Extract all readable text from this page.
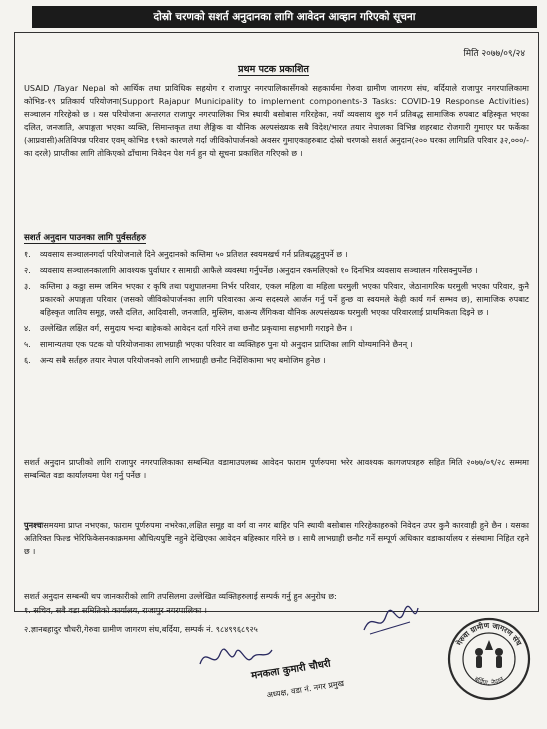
दोस्रो चरणको सशर्त अनुदानका लागि आवेदन आव्हान गरिएको सूचना
मिति २०७७/०९/२४
प्रथम पटक प्रकाशित
USAID /Tayar Nepal को आर्थिक तथा प्राविधिक सहयोग र राजापुर नगरपालिकासँगको सहकार्यमा गेरुवा ग्रामीण जागरण संघ, बर्दियाले राजापुर नगरपालिकामा कोभिड-१९ प्रतिकार्य परियोजना(Support Rajapur Municipality to implement components-3 Tasks: COVID-19 Response Activities) सञ्चालन गरिरहेको छ । यस परियोजना अन्तरगत राजापुर नगरपालिका भित्र स्थायी बसोबास गरिरहेका, नयाँ व्यवसाय शुरु गर्न प्रतिबद्ध सामाजिक रुपबाट बहिस्कृत भएका दलित, जनजाति, अपाङ्गता भएका व्यक्ति, सिमान्तकृत तथा लैङ्गिक वा यौनिक अल्पसंख्यक सबै विदेश/भारत तयार नेपालका विभिन्न शहरबाट रोजगारी गुमाएर घर फर्केका (आप्रवासी)अतिविपन्न परिवार एवम् कोभिड १९को कारणले गर्दा जीविकोपार्जनको अवसर गुमाएकाहरुबाट दोस्रो चरणको सशर्त अनुदान(२०० घरका लागिप्रति परिवार ३२,०००/-का दरले) प्राप्तीका लागि तोकिएको ढाँचामा निवेदन पेश गर्न हुन यो सूचना प्रकाशित गरिएको छ ।
सशर्त अनुदान पाउनका लागि पुर्वसर्तहरु
१.	व्यवसाय सञ्चालनगर्दा परियोजनाले दिने अनुदानको कम्तिमा ५० प्रतिशत स्वयमखर्च गर्न प्रतिबद्धहुनुपर्ने छ ।
२.	व्यवसाय सञ्चालनकालागि आवश्यक पुर्वाधार र सामाग्री आफैले व्यवस्था गर्नुपर्नेछ ।अनुदान रकमलिएको १० दिनभित्र व्यवसाय सञ्चालन गरिसक्नुपर्नेछ ।
३.	कम्तिमा ३ कठ्ठा सम्म जमिन भएका र कृषि तथा पशुपालनमा निर्भर परिवार, एकल महिला वा महिला घरमुली भएका परिवार, जेठानागरिक घरमुली भएका परिवार, कुनै प्रकारको अपाङ्गता परिवार (जसको जीविकोपार्जनका लागि परिवारका अन्य सदस्यले आर्जन गर्नु पर्ने हुन्छ वा स्वयमले केही कार्य गर्न सम्भव छ), सामाजिक रुपबाट बहिस्कृत जातिय समूह, जस्तै दलित, आदिवासी, जनजाति, मुस्लिम, वाअन्य लैंगिकवा यौनिक अल्पसंख्यक घरमुली भएका परिवारलाई प्राथमिकता दिइने छ ।
४.	उल्लेखित लक्षित वर्ग, समुदाय भन्दा बाहेकको आवेदन दर्ता गरिने तथा छनौट प्रकृयामा सहभागी गराइने छैन ।
५.	सामान्यतया एक पटक यो परियोजनाका लाभग्राही भएका परिवार वा व्यक्तिहरु पुनः यो अनुदान प्राप्तिका लागि योग्यमानिने छैनन् ।
६.	अन्य सबै सर्तहरु तयार नेपाल परियोजनको लागि लाभग्राही छनौट निर्देशिकामा भए बमोजिम हुनेछ ।
सशर्त अनुदान प्राप्तीको लागि राजापुर नगरपालिकाका सम्बन्धित वडामाउपलब्ध आवेदन फाराम पूर्णरुपमा भरेर आवश्यक कागजपत्रहरु सहित मिति २०७७/०९/२८ सम्ममा सम्बन्धित वडा कार्यालयमा पेश गर्नु पर्नेछ ।
पुनश्चःसमयमा प्राप्त नभएका, फाराम पूर्णरुपमा नभरेका,लक्षित समूह वा वर्ग वा नगर बाहिर पनि स्थायी बसोबास गरिरहेकाहरुको निवेदन उपर कुनै कारवाही हुने छैन । यसका अतिरिक्त फिल्ड भेरिफिकेसनकाक्रममा औचित्यपुष्टि नहुने देखिएका आवेदन बहिस्कार गरिने छ । साथै लाभग्राही छनौट गर्ने सम्पूर्ण अधिकार वडाकार्यालय र संस्थामा निहित रहने छ ।
सशर्त अनुदान सम्बन्धी थप जानकारीको लागि तपसिलमा उल्लेखित व्यक्तिहरुलाई सम्पर्क गर्नु हुन अनुरोध छ:
१. सचिव, सबै वडा समितिको कार्यालय, राजापुर नगरपालिका ।
२.ज्ञानबहादुर चौधरी,गेरुवा ग्रामीण जागरण संघ,बर्दिया, सम्पर्क नं. ९८४९९६८९२५
गेरुवा ग्रामीण जागरण संघ
बर्दिया, नेपाल
मनकला कुमारी चौधरी
अध्यक्ष, वडा नं. नगर प्रमुख
